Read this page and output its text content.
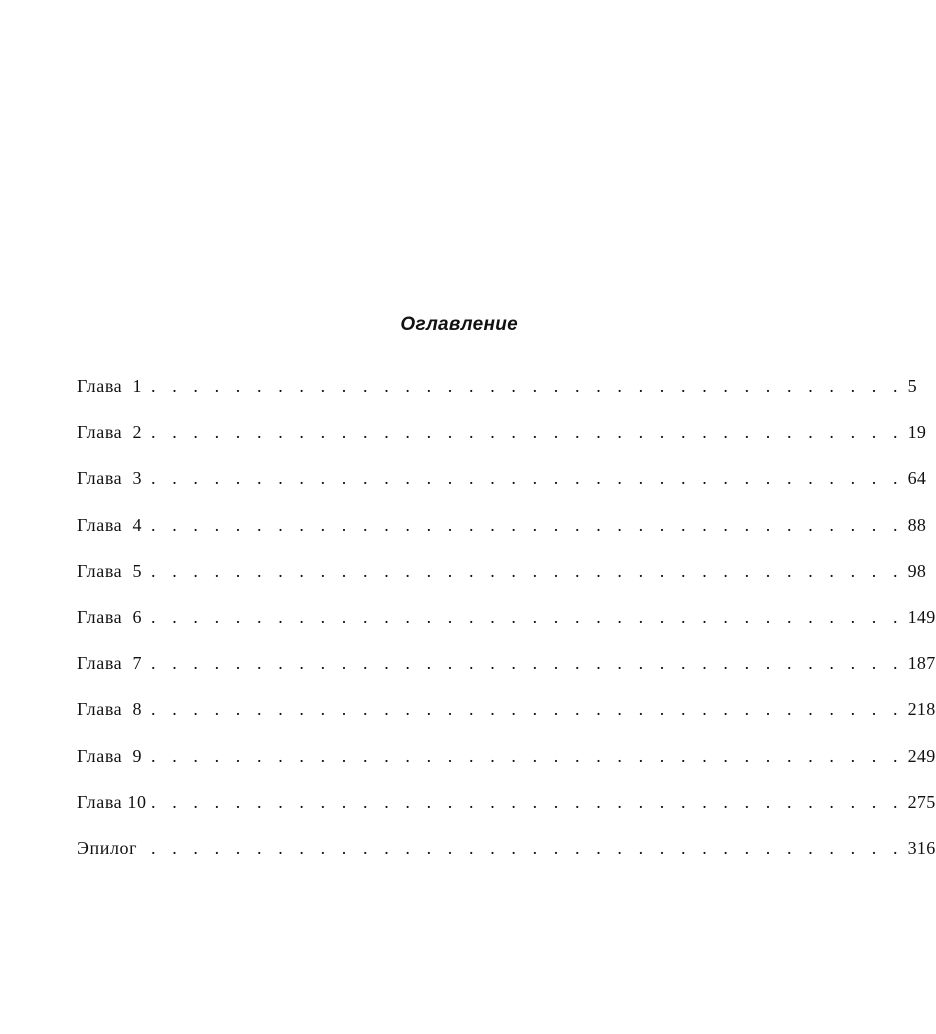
Оглавление
Глава  1 . . . . . . . . . . . . . . . . . . . . . . . . . . . . . . . . . . . . 5
Глава  2 . . . . . . . . . . . . . . . . . . . . . . . . . . . . . . . . . . . . 19
Глава  3 . . . . . . . . . . . . . . . . . . . . . . . . . . . . . . . . . . . . 64
Глава  4 . . . . . . . . . . . . . . . . . . . . . . . . . . . . . . . . . . . . 88
Глава  5 . . . . . . . . . . . . . . . . . . . . . . . . . . . . . . . . . . . . 98
Глава  6 . . . . . . . . . . . . . . . . . . . . . . . . . . . . . . . . . . . . 149
Глава  7 . . . . . . . . . . . . . . . . . . . . . . . . . . . . . . . . . . . . 187
Глава  8 . . . . . . . . . . . . . . . . . . . . . . . . . . . . . . . . . . . . 218
Глава  9 . . . . . . . . . . . . . . . . . . . . . . . . . . . . . . . . . . . . 249
Глава 10 . . . . . . . . . . . . . . . . . . . . . . . . . . . . . . . . . . . . 275
Эпилог . . . . . . . . . . . . . . . . . . . . . . . . . . . . . . . . . . . . 316
